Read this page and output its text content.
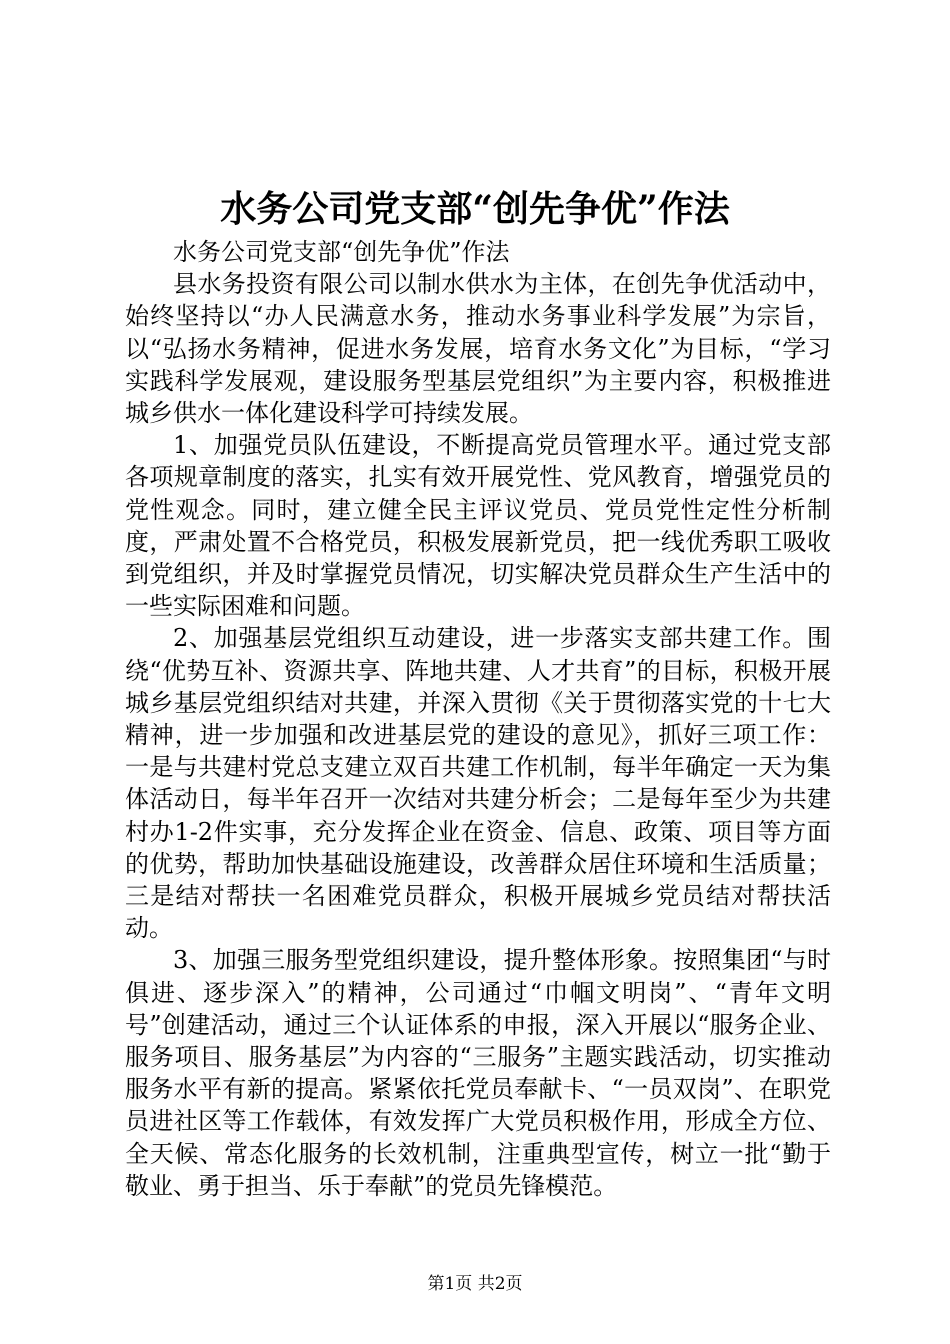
水务公司党支部“创先争优”作法

水务公司党支部“创先争优”作法

县水务投资有限公司以制水供水为主体，在创先争优活动中，始终坚持以“办人民满意水务，推动水务事业科学发展”为宗旨，以“弘扬水务精神，促进水务发展，培育水务文化”为目标，“学习实践科学发展观，建设服务型基层党组织”为主要内容，积极推进城乡供水一体化建设科学可持续发展。

1、加强党员队伍建设，不断提高党员管理水平。通过党支部各项规章制度的落实，扎实有效开展党性、党风教育，增强党员的党性观念。同时，建立健全民主评议党员、党员党性定性分析制度，严肃处置不合格党员，积极发展新党员，把一线优秀职工吸收到党组织，并及时掌握党员情况，切实解决党员群众生产生活中的一些实际困难和问题。

2、加强基层党组织互动建设，进一步落实支部共建工作。围绕“优势互补、资源共享、阵地共建、人才共育”的目标，积极开展城乡基层党组织结对共建，并深入贯彻《关于贯彻落实党的十七大精神，进一步加强和改进基层党的建设的意见》，抓好三项工作：一是与共建村党总支建立双百共建工作机制，每半年确定一天为集体活动日，每半年召开一次结对共建分析会；二是每年至少为共建村办1-2件实事，充分发挥企业在资金、信息、政策、项目等方面的优势，帮助加快基础设施建设，改善群众居住环境和生活质量；三是结对帮扶一名困难党员群众，积极开展城乡党员结对帮扶活动。

3、加强三服务型党组织建设，提升整体形象。按照集团“与时俱进、逐步深入”的精神，公司通过“巾帼文明岗”、“青年文明号”创建活动，通过三个认证体系的申报，深入开展以“服务企业、服务项目、服务基层”为内容的“三服务”主题实践活动，切实推动服务水平有新的提高。紧紧依托党员奉献卡、“一员双岗”、在职党员进社区等工作载体，有效发挥广大党员积极作用，形成全方位、全天候、常态化服务的长效机制，注重典型宣传，树立一批“勤于敬业、勇于担当、乐于奉献”的党员先锋模范。

第1页 共2页
